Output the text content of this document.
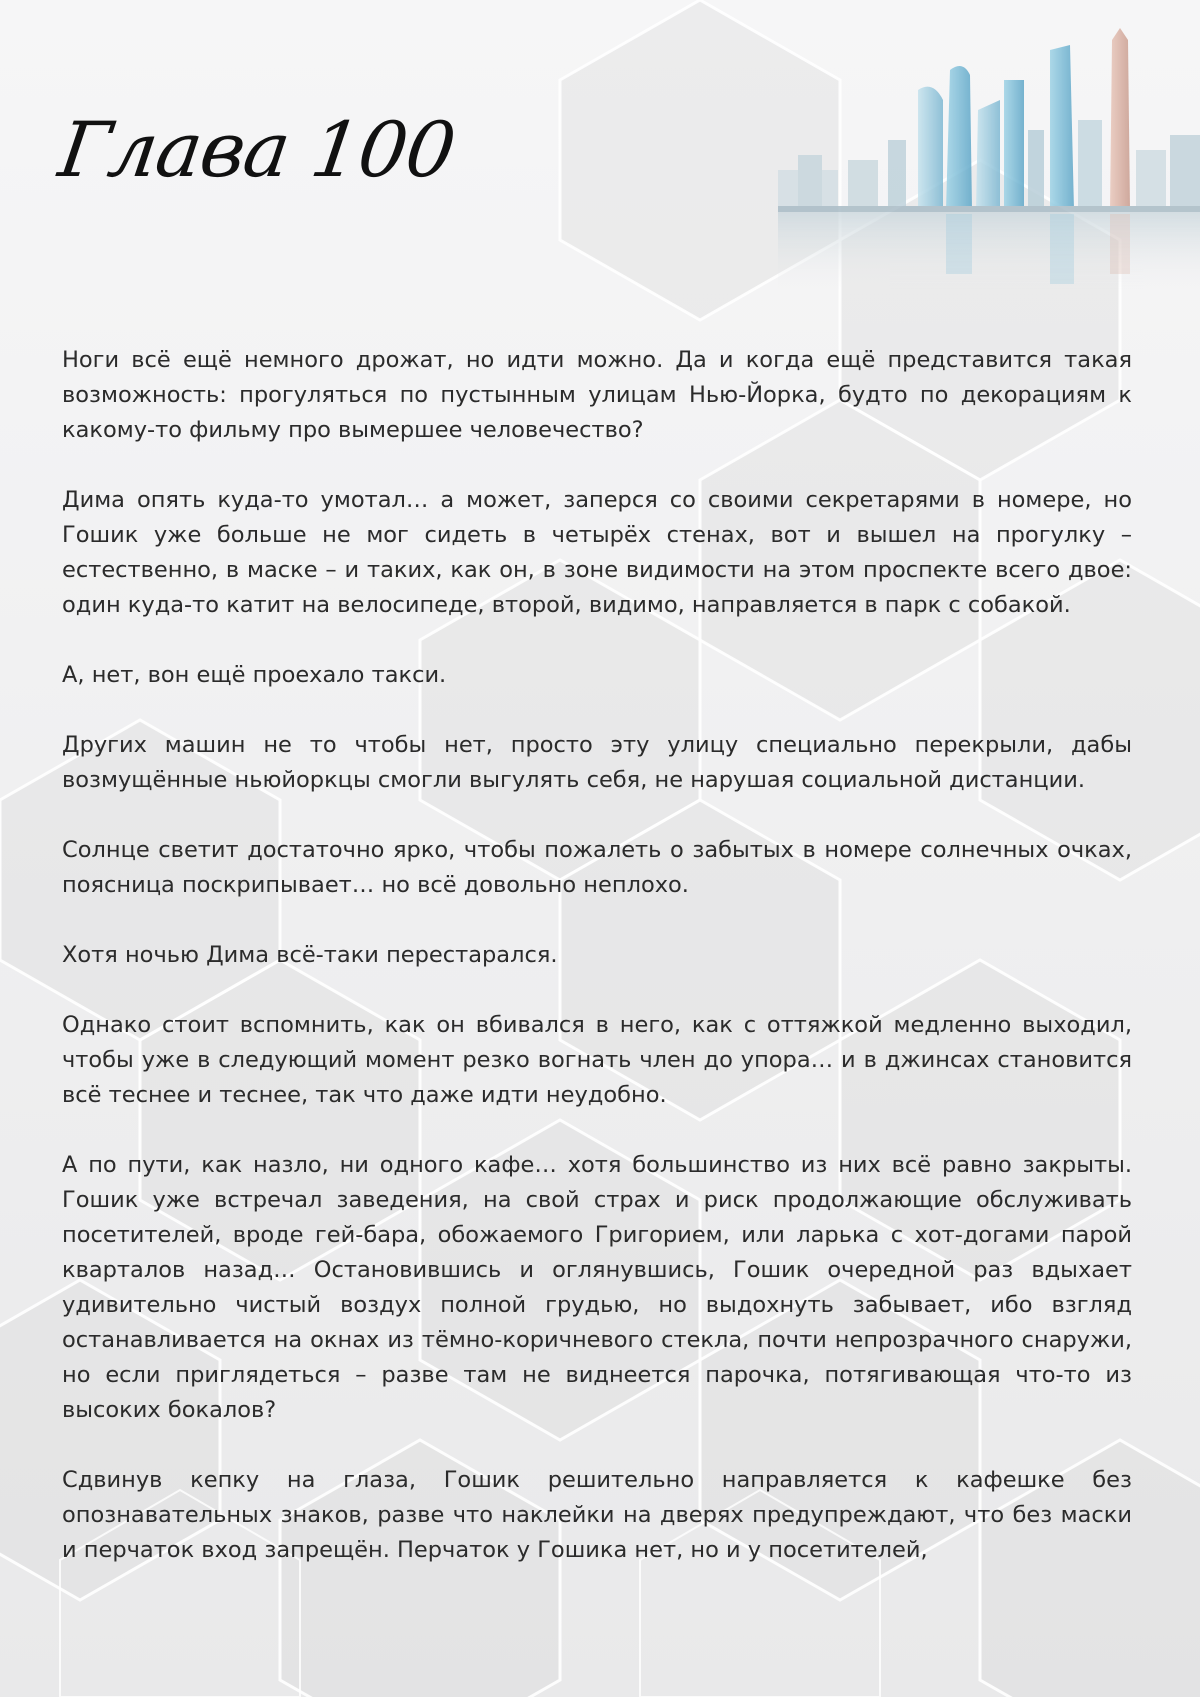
Глава 100

Ноги всё ещё немного дрожат, но идти можно. Да и когда ещё представится такая возможность: прогуляться по пустынным улицам Нью-Йорка, будто по декорациям к какому-то фильму про вымершее человечество?

Дима опять куда-то умотал… а может, заперся со своими секретарями в номере, но Гошик уже больше не мог сидеть в четырёх стенах, вот и вышел на прогулку – естественно, в маске – и таких, как он, в зоне видимости на этом проспекте всего двое: один куда-то катит на велосипеде, второй, видимо, направляется в парк с собакой.

А, нет, вон ещё проехало такси.

Других машин не то чтобы нет, просто эту улицу специально перекрыли, дабы возмущённые ньюйоркцы смогли выгулять себя, не нарушая социальной дистанции.

Солнце светит достаточно ярко, чтобы пожалеть о забытых в номере солнечных очках, поясница поскрипывает… но всё довольно неплохо.

Хотя ночью Дима всё-таки перестарался.

Однако стоит вспомнить, как он вбивался в него, как с оттяжкой медленно выходил, чтобы уже в следующий момент резко вогнать член до упора… и в джинсах становится всё теснее и теснее, так что даже идти неудобно.

А по пути, как назло, ни одного кафе… хотя большинство из них всё равно закрыты. Гошик уже встречал заведения, на свой страх и риск продолжающие обслуживать посетителей, вроде гей-бара, обожаемого Григорием, или ларька с хот-догами парой кварталов назад… Остановившись и оглянувшись, Гошик очередной раз вдыхает удивительно чистый воздух полной грудью, но выдохнуть забывает, ибо взгляд останавливается на окнах из тёмно-коричневого стекла, почти непрозрачного снаружи, но если приглядеться – разве там не виднеется парочка, потягивающая что-то из высоких бокалов?

Сдвинув кепку на глаза, Гошик решительно направляется к кафешке без опознавательных знаков, разве что наклейки на дверях предупреждают, что без маски и перчаток вход запрещён. Перчаток у Гошика нет, но и у посетителей,
